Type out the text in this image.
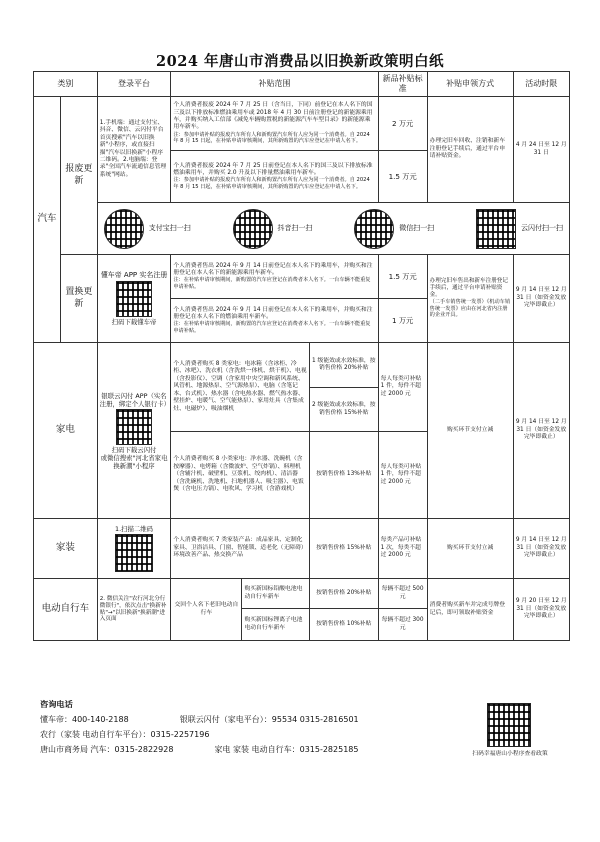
2024 年唐山市消费品以旧换新政策明白纸
类别		登录平台	补贴范围			新品补贴标准	补贴申领方式	活动时限
汽车	报废更新	1.手机端：通过支付宝、抖音、微信、云闪付平台首页搜索"汽车以旧换新"小程序，或直接扫描"汽车以旧换新"小程序二维码。2.电脑端：登录"全国汽车流通信息管理系统"网站。	个人消费者报废 2024 年 7 月 25 日（含当日，下同）前登记在本人名下的国三及以下排放标准燃油乘用车或 2018 年 4 月 30 日前注册登记的新能源乘用车，并购买纳入工信部《减免车辆购置税的新能源汽车车型目录》的新能源乘用车新车。
注：参加申请补贴的报废汽车所有人和新购置汽车所有人应为同一个消费者。自 2024 年 8 月 15 日起，在补贴申请审核期间，其所新购置的汽车应登记在申请人名下。			2 万元	办理完旧车回收、注销和新车注册登记手续后，通过平台申请补贴资金。	4 月 24 日至 12 月 31 日
			个人消费者报废 2024 年 7 月 25 日前登记在本人名下的国三及以下排放标准燃油乘用车，并购买 2.0 升及以下排量燃油乘用车新车。
注：参加申请补贴的报废汽车所有人和新购置汽车所有人应为同一个消费者。自 2024 年 8 月 15 日起，在补贴申请审核期间，其所新购置的汽车应登记在申请人名下。			1.5 万元		

		支付宝扫一扫 抖音扫一扫 微信扫一扫 云闪付扫一扫						

	置换更新	懂车帝 APP 实名注册
扫码下载懂车帝	个人消费者售出 2024 年 9 月 14 日前登记在本人名下的乘用车，并购买和注册登记在本人名下的新能源乘用车新车。
注：在补贴申请审核期间，新购置的汽车应登记在消费者本人名下。一台车辆不能重复申请补贴。			1.5 万元	办理完旧车售出和新车注册登记手续后，通过平台申请补贴资金。
（二手车销售统一发票）《机动车销售统一发票》应由在河北省内注册的企业开具。	9 月 14 日至 12 月 31 日（如资金发放完毕即截止）
			个人消费者售出 2024 年 9 月 14 日前登记在本人名下的乘用车，并购买和注册登记在本人名下的燃油乘用车新车。
注：在补贴申请审核期间，新购置的汽车应登记在消费者本人名下。一台车辆不能重复申请补贴。			1 万元		
家电		银联云闪付 APP（实名注册，绑定个人银行卡）
扫码下载云闪付
或微信搜索"河北省家电换新潮"小程序	个人消费者购买 8 类家电：电冰箱（含冰柜、冷柜、冰吧）、洗衣机（含洗烘一体机、烘干机）、电视（含投影仪）、空调（含家用中央空调和新风系统、风管机、地源热泵、空气源热泵）、电脑（含笔记本、台式机）、热水器（含电热水器、燃气热水器、壁挂炉、电暖气、空气能热泵）、家用灶具（含集成灶、电磁炉）、吸油烟机		1 级能效或水效标准，按销售价格 20%补贴	每人每类可补贴 1 件，每件不超过 2000 元	购买环节支付立减	9 月 14 日至 12 月 31 日（如资金发放完毕即截止）
					2 级能效或水效标准，按销售价格 15%补贴			
			个人消费者购买 8 小类家电：净水器、洗碗机（含按摩器）、电烤箱（含微波炉、空气炸锅）、料理机（含辅汁机、破壁机、豆浆机、绞肉机）、清洁器（含洗碗机、洗地机、扫地机器人、吸尘器）、电饭煲（含电压力锅）、电吹风、学习机（含游戏机）		按销售价格 13%补贴	每人每类可补贴 1 件，每件不超过 2000 元		
家装		1.扫描二维码	个人消费者购买 7 类家装产品：成品家具、定制化家具、卫浴洁具、门窗、智能锁、适老化（无障碍）环境改善产品、热交换产品		按销售价格 15%补贴	每类产品可补贴 1 次，每类不超过 2000 元	购买环节支付立减	9 月 14 日至 12 月 31 日（如资金发放完毕即截止）
电动自行车		2. 微信关注"农行河北分行微银行"，依次点击"换新补贴"→"以旧换新"换新潮"进入页面	交回个人名下老旧电动自行车	购买新国标铅酸电池电动自行车新车	按销售价格 20%补贴	每辆不超过 500 元	消费者购买新车并完成号牌登记后，即可领取补贴资金	9 月 20 日至 12 月 31 日（如资金发放完毕即截止）
				购买新国标锂离子电池电动自行车新车	按销售价格 10%补贴	每辆不超过 300 元		
咨询电话
懂车帝：400-140-2188	银联云闪付（家电平台）：95534 0315-2816501
农行（家装 电动自行车平台）：0315-2257196
唐山市商务局 汽车：0315-2822928	家电 家装 电动自行车：0315-2825185	扫码幸福唐山小程序查看政策
